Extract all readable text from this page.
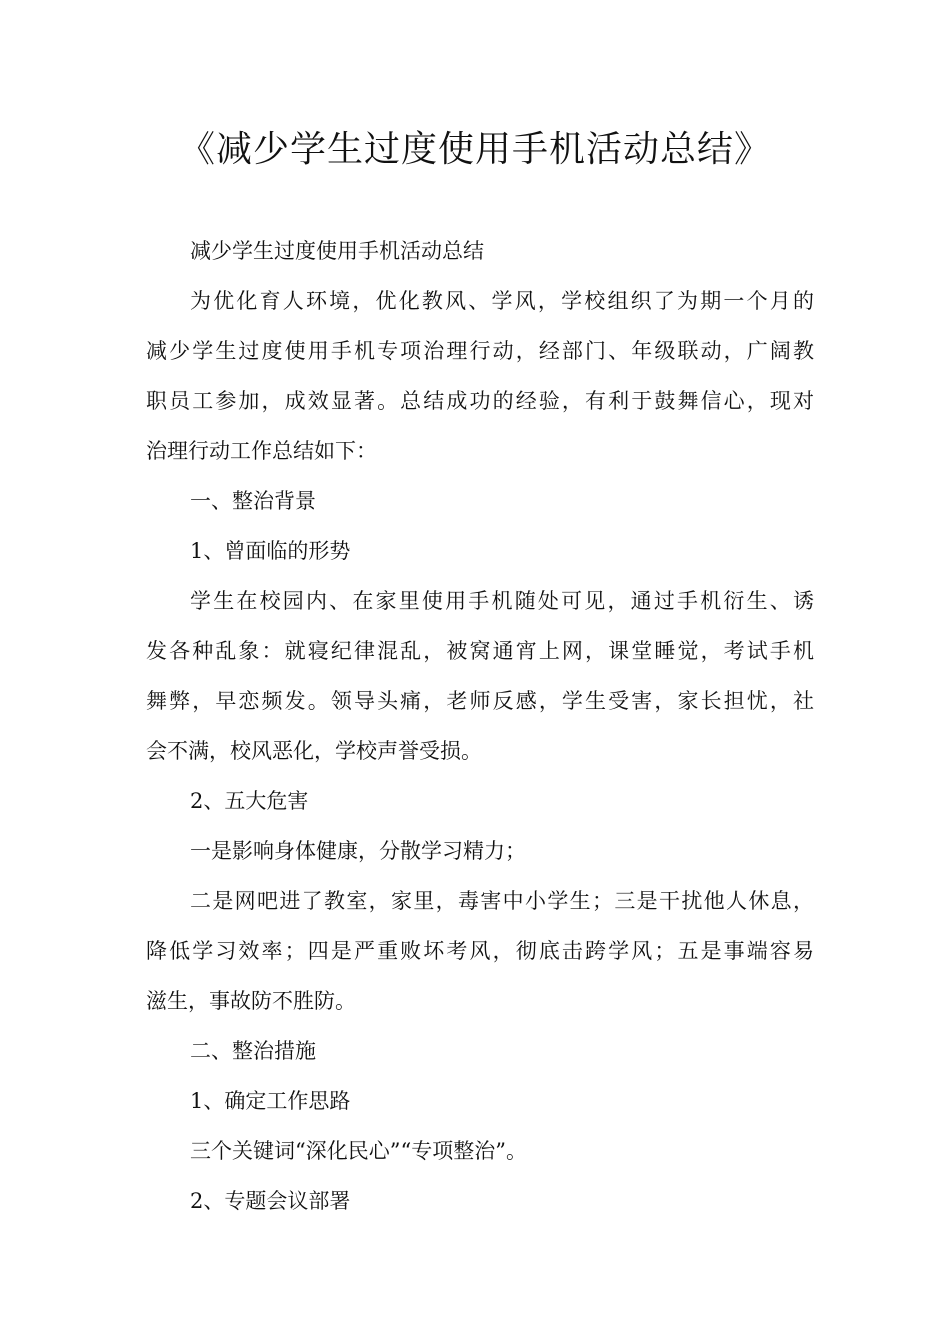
《减少学生过度使用手机活动总结》

减少学生过度使用手机活动总结

为优化育人环境，优化教风、学风，学校组织了为期一个月的

减少学生过度使用手机专项治理行动，经部门、年级联动，广阔教

职员工参加，成效显著。总结成功的经验，有利于鼓舞信心，现对

治理行动工作总结如下：

一、整治背景

1、曾面临的形势

学生在校园内、在家里使用手机随处可见，通过手机衍生、诱

发各种乱象：就寝纪律混乱，被窝通宵上网，课堂睡觉，考试手机

舞弊，早恋频发。领导头痛，老师反感，学生受害，家长担忧，社

会不满，校风恶化，学校声誉受损。

2、五大危害

一是影响身体健康，分散学习精力；

二是网吧进了教室，家里，毒害中小学生；三是干扰他人休息，

降低学习效率；四是严重败坏考风，彻底击跨学风；五是事端容易

滋生，事故防不胜防。

二、整治措施

1、确定工作思路

三个关键词“深化民心”“专项整治”。

2、专题会议部署
